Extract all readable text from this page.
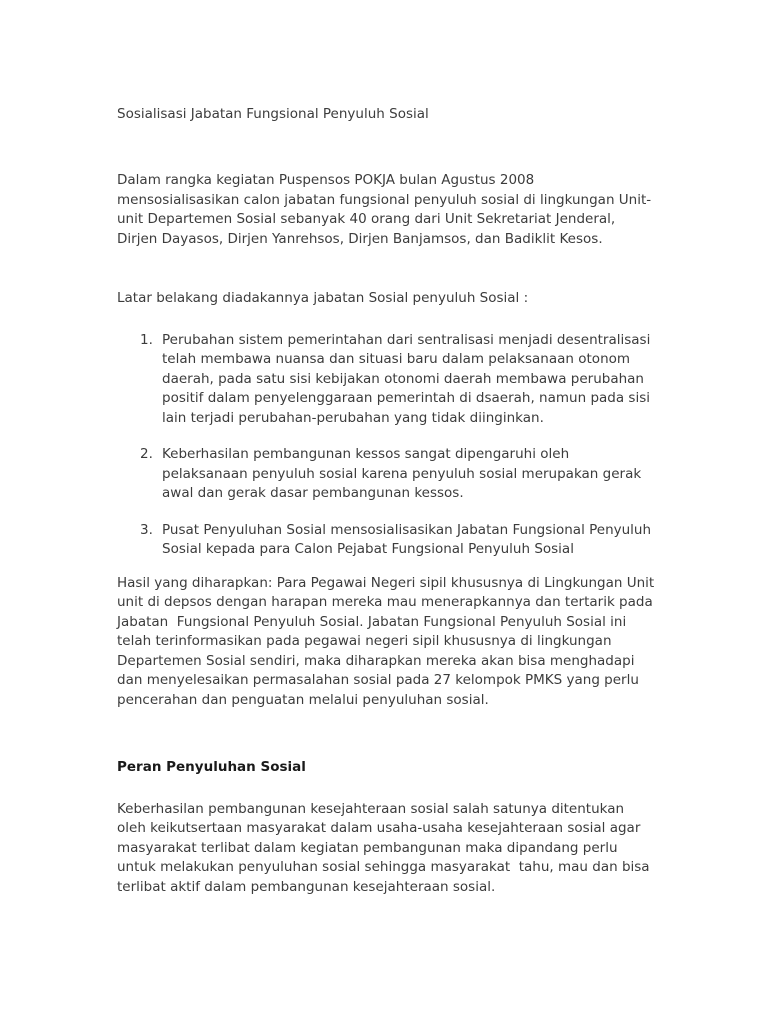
Sosialisasi Jabatan Fungsional Penyuluh Sosial

Dalam rangka kegiatan Puspensos POKJA bulan Agustus 2008 mensosialisasikan calon jabatan fungsional penyuluh sosial di lingkungan Unit-unit Departemen Sosial sebanyak 40 orang dari Unit Sekretariat Jenderal, Dirjen Dayasos, Dirjen Yanrehsos, Dirjen Banjamsos, dan Badiklit Kesos.

Latar belakang diadakannya jabatan Sosial penyuluh Sosial :

Perubahan sistem pemerintahan dari sentralisasi menjadi desentralisasi telah membawa nuansa dan situasi baru dalam pelaksanaan otonom daerah, pada satu sisi kebijakan otonomi daerah membawa perubahan positif dalam penyelenggaraan pemerintah di dsaerah, namun pada sisi lain terjadi perubahan-perubahan yang tidak diinginkan.
Keberhasilan pembangunan kessos sangat dipengaruhi oleh pelaksanaan penyuluh sosial karena penyuluh sosial merupakan gerak awal dan gerak dasar pembangunan kessos.
Pusat Penyuluhan Sosial mensosialisasikan Jabatan Fungsional Penyuluh Sosial kepada para Calon Pejabat Fungsional Penyuluh Sosial

Hasil yang diharapkan: Para Pegawai Negeri sipil khususnya di Lingkungan Unit unit di depsos dengan harapan mereka mau menerapkannya dan tertarik pada Jabatan  Fungsional Penyuluh Sosial. Jabatan Fungsional Penyuluh Sosial ini telah terinformasikan pada pegawai negeri sipil khususnya di lingkungan Departemen Sosial sendiri, maka diharapkan mereka akan bisa menghadapi dan menyelesaikan permasalahan sosial pada 27 kelompok PMKS yang perlu pencerahan dan penguatan melalui penyuluhan sosial.

Peran Penyuluhan Sosial

Keberhasilan pembangunan kesejahteraan sosial salah satunya ditentukan oleh keikutsertaan masyarakat dalam usaha-usaha kesejahteraan sosial agar masyarakat terlibat dalam kegiatan pembangunan maka dipandang perlu untuk melakukan penyuluhan sosial sehingga masyarakat  tahu, mau dan bisa terlibat aktif dalam pembangunan kesejahteraan sosial.
